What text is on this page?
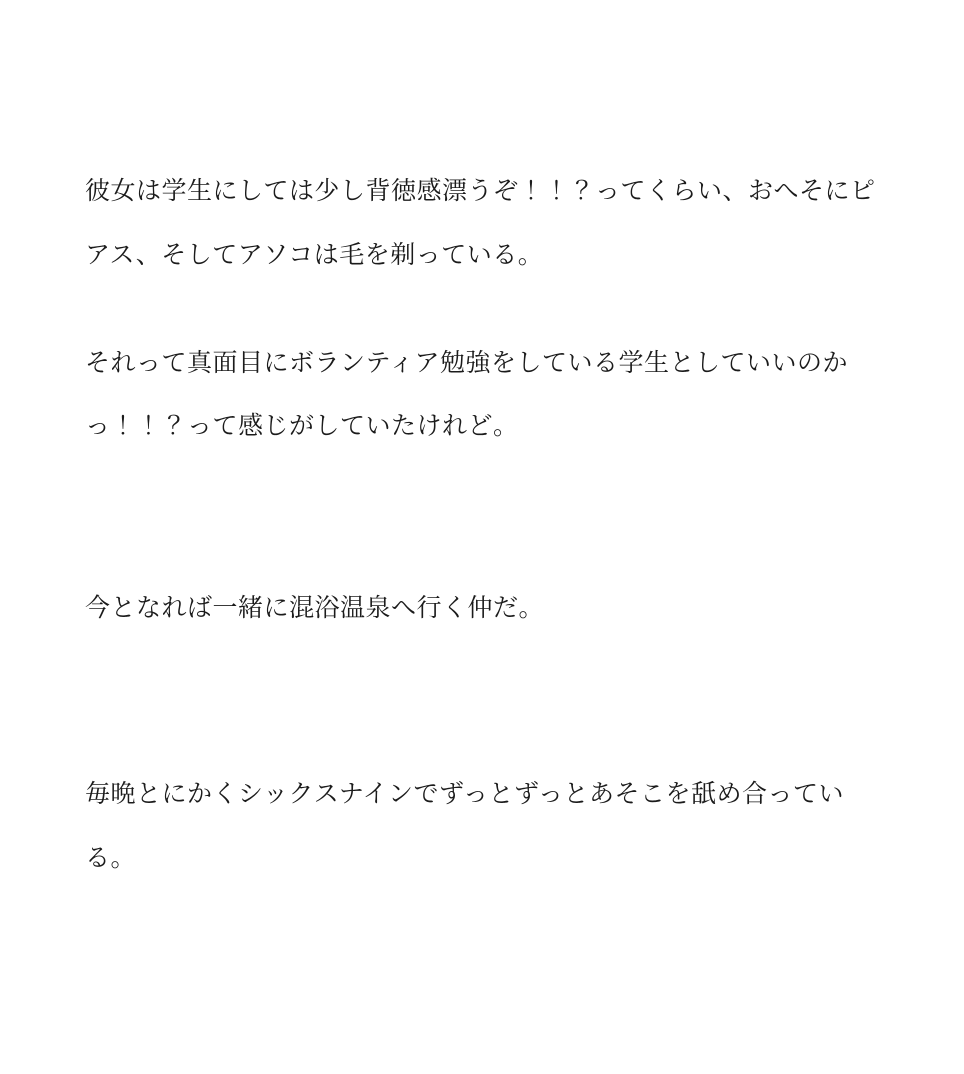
彼女は学生にしては少し背徳感漂うぞ！！？ってくらい、おへそにピアス、そしてアソコは毛を剃っている。

それって真面目にボランティア勉強をしている学生としていいのかっ！！？って感じがしていたけれど。

今となれば一緒に混浴温泉へ行く仲だ。

毎晩とにかくシックスナインでずっとずっとあそこを舐め合っている。
